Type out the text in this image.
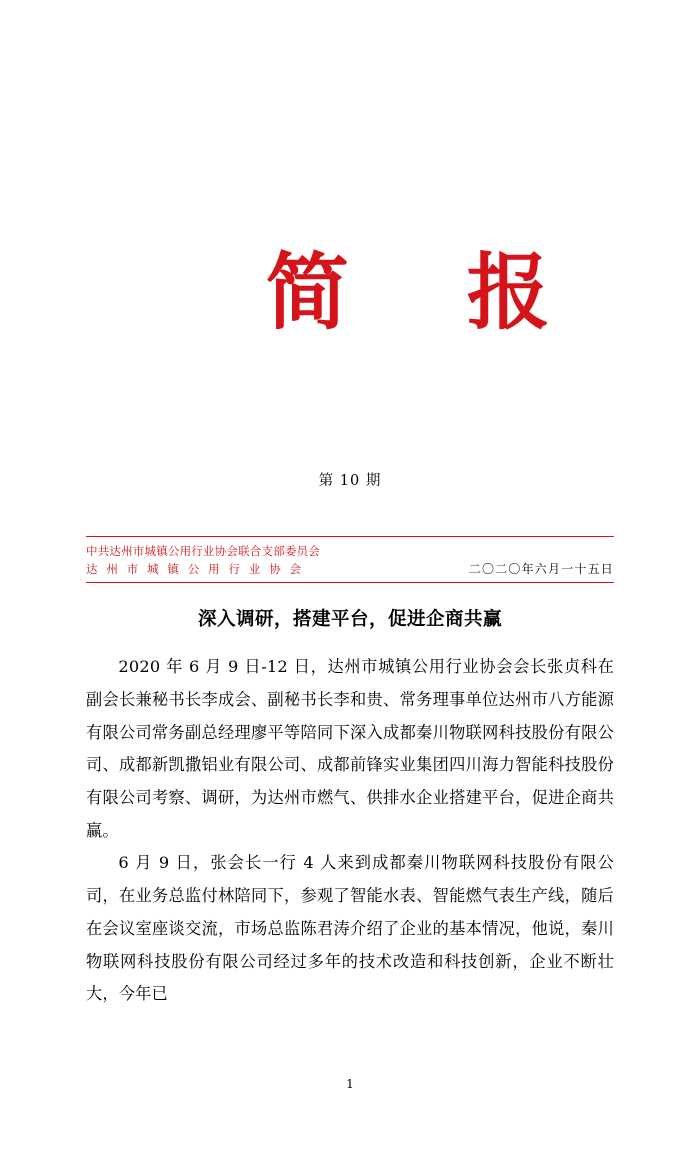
简 报

第 10 期
中共达州市城镇公用行业协会联合支部委员会
达 州 市 城 镇 公 用 行 业 协 会	二〇二〇年六月一十五日
深入调研，搭建平台，促进企商共赢

2020 年 6 月 9 日-12 日，达州市城镇公用行业协会会长张贞科在副会长兼秘书长李成会、副秘书长李和贵、常务理事单位达州市八方能源有限公司常务副总经理廖平等陪同下深入成都秦川物联网科技股份有限公司、成都新凯撒铝业有限公司、成都前锋实业集团四川海力智能科技股份有限公司考察、调研，为达州市燃气、供排水企业搭建平台，促进企商共赢。

6 月 9 日，张会长一行 4 人来到成都秦川物联网科技股份有限公司，在业务总监付林陪同下，参观了智能水表、智能燃气表生产线，随后在会议室座谈交流，市场总监陈君涛介绍了企业的基本情况，他说，秦川物联网科技股份有限公司经过多年的技术改造和科技创新，企业不断壮大，今年已

1
